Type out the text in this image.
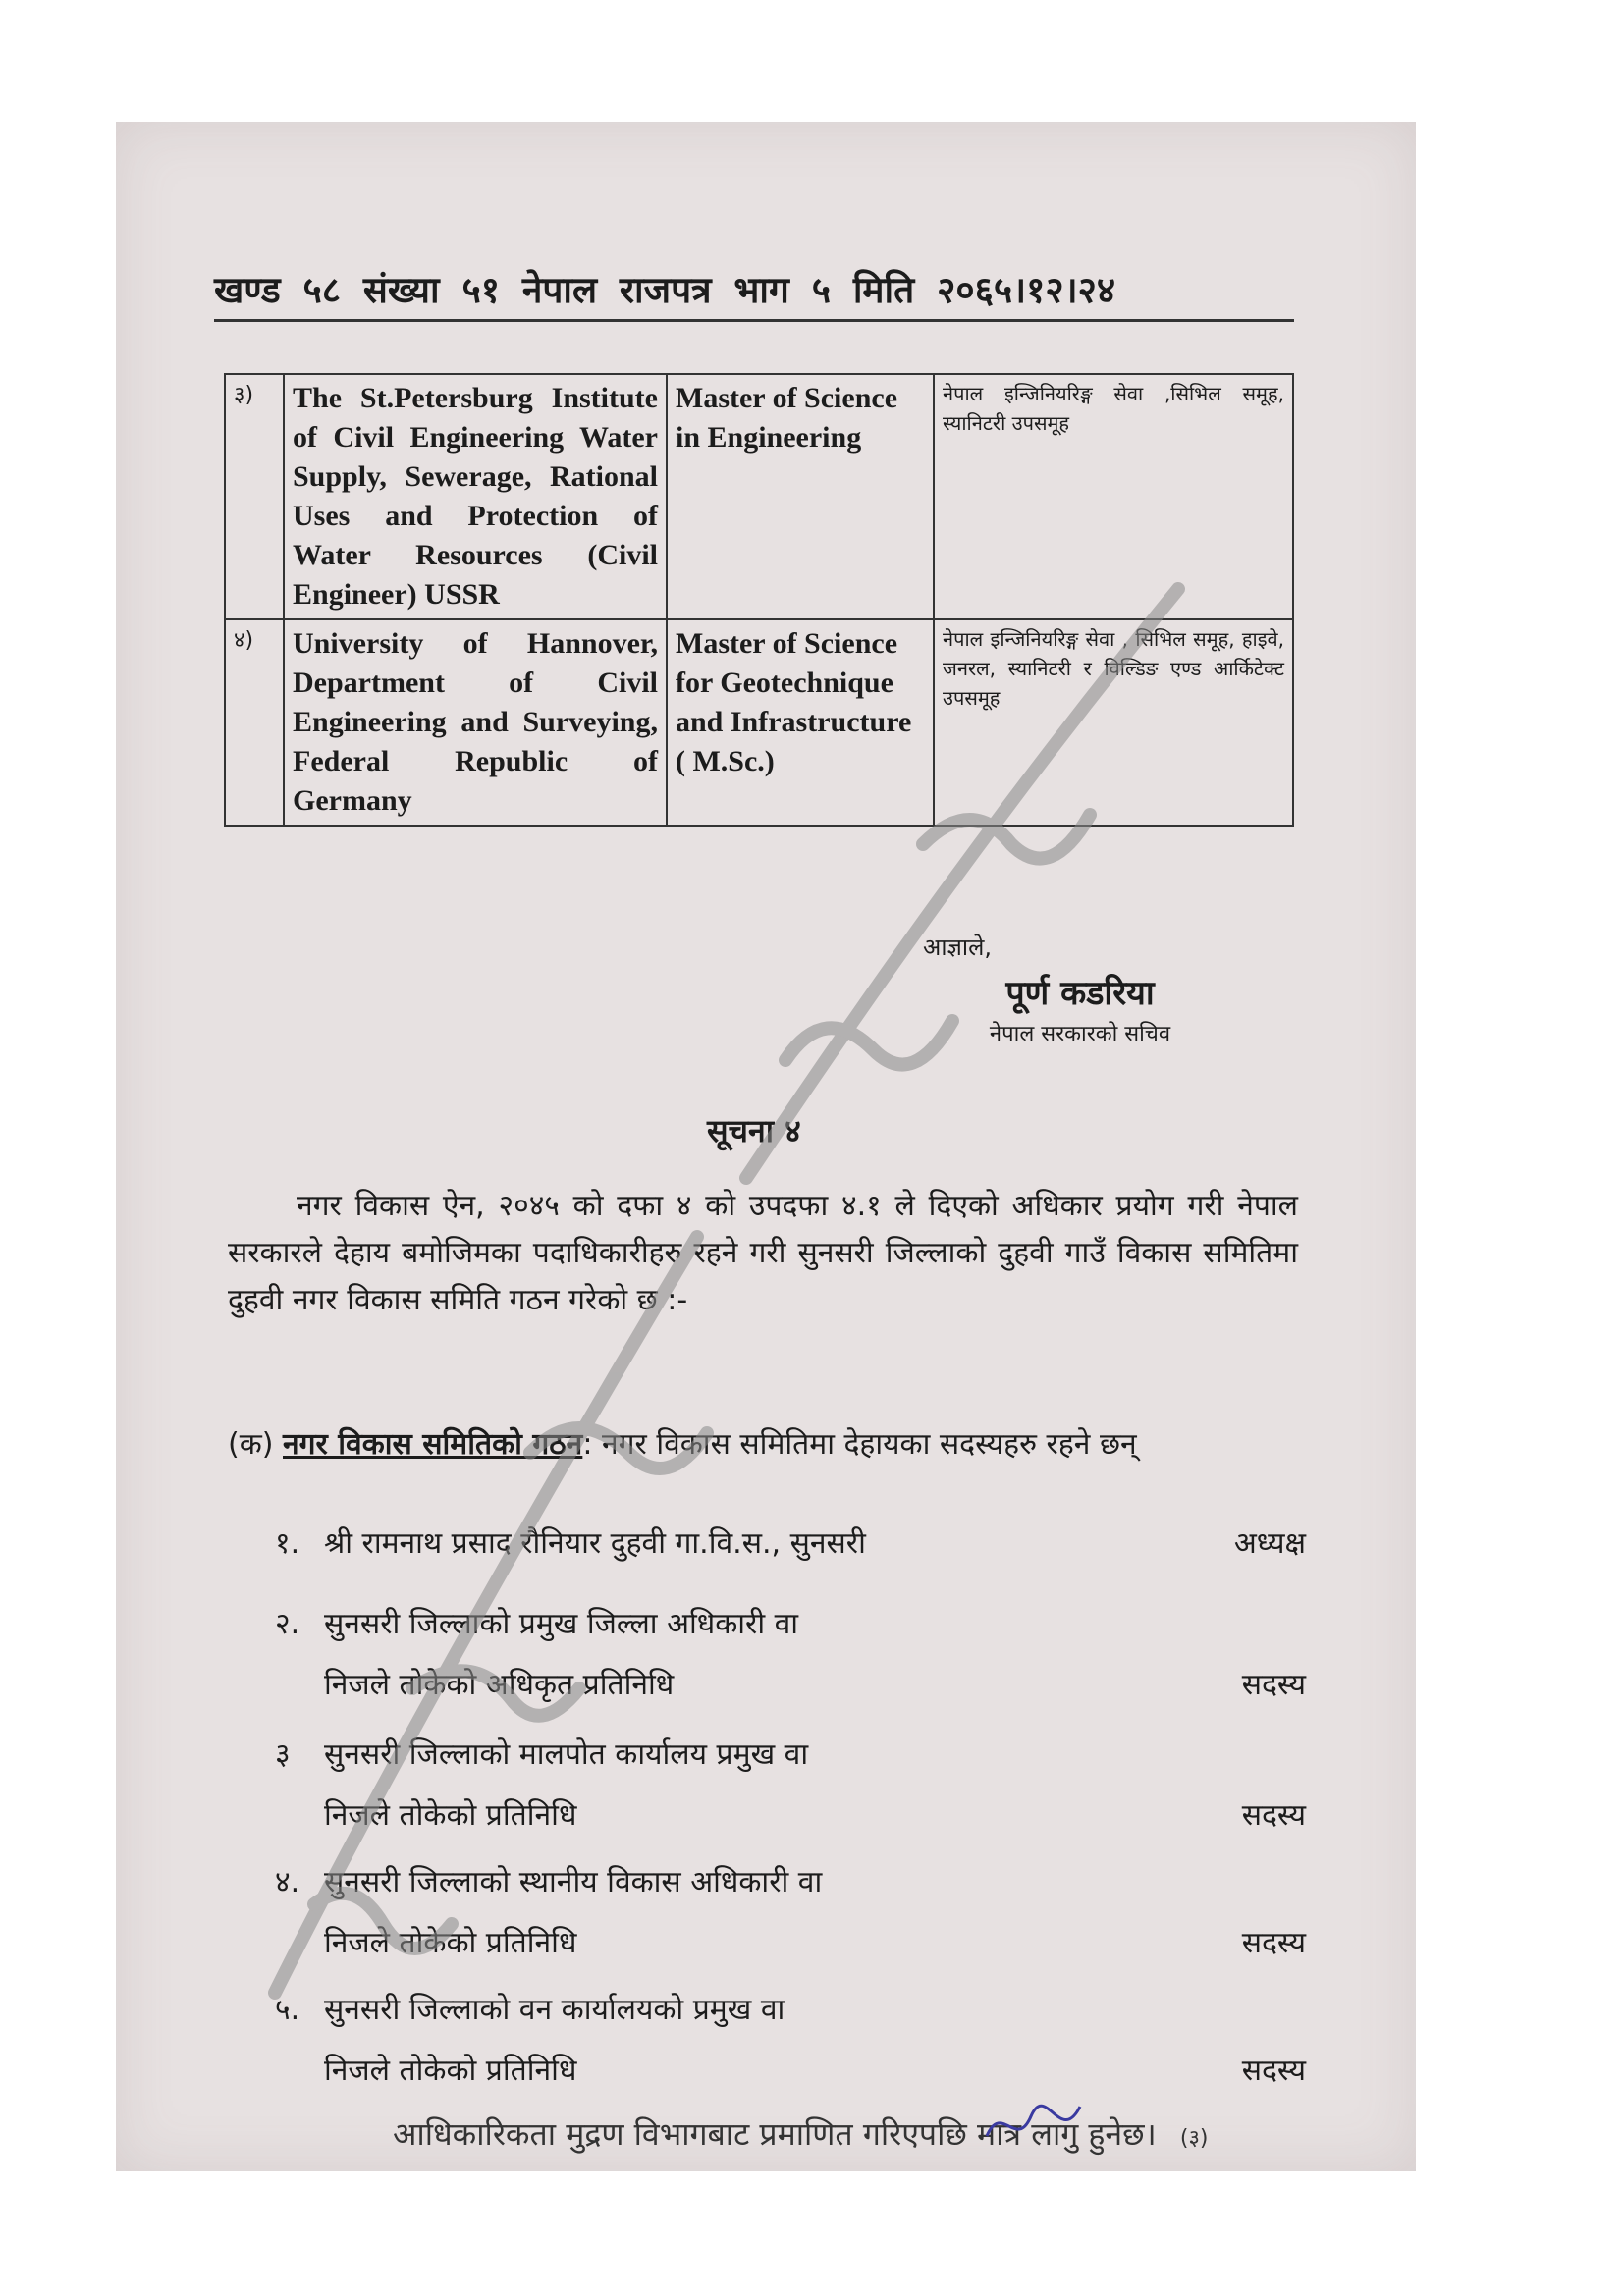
खण्ड ५८ संख्या ५१ नेपाल राजपत्र भाग ५ मिति २०६५।१२।२४
३)	The St.Petersburg Institute of Civil Engineering Water Supply, Sewerage, Rational Uses and Protection of Water Resources (Civil Engineer) USSR	Master of Science in Engineering	नेपाल इन्जिनियरिङ्ग सेवा ,सिभिल समूह, स्यानिटरी उपसमूह
४)	University of Hannover, Department of Civil Engineering and Surveying, Federal Republic of Germany	Master of Science for Geotechnique and Infrastructure ( M.Sc.)	नेपाल इन्जिनियरिङ्ग सेवा , सिभिल समूह, हाइवे, जनरल, स्यानिटरी र विल्डिङ एण्ड आर्किटेक्ट उपसमूह
आज्ञाले,
पूर्ण कडरिया
नेपाल सरकारको सचिव
सूचना ४
नगर विकास ऐन, २०४५ को दफा ४ को उपदफा ४.१ ले दिएको अधिकार प्रयोग गरी नेपाल सरकारले देहाय बमोजिमका पदाधिकारीहरु रहने गरी सुनसरी जिल्लाको दुहवी गाउँ विकास समितिमा दुहवी नगर विकास समिति गठन गरेको छ :-
(क) नगर विकास समितिको गठन: नगर विकास समितिमा देहायका सदस्यहरु रहने छन्
१. श्री रामनाथ प्रसाद रौनियार दुहवी गा.वि.स., सुनसरी	अध्यक्ष
२. सुनसरी जिल्लाको प्रमुख जिल्ला अधिकारी वा
निजले तोकेको अधिकृत प्रतिनिधि	सदस्य
३ सुनसरी जिल्लाको मालपोत कार्यालय प्रमुख वा
निजले तोकेको प्रतिनिधि	सदस्य
४. सुनसरी जिल्लाको स्थानीय विकास अधिकारी वा
निजले तोकेको प्रतिनिधि	सदस्य
५. सुनसरी जिल्लाको वन कार्यालयको प्रमुख वा
निजले तोकेको प्रतिनिधि	सदस्य
आधिकारिकता मुद्रण विभागबाट प्रमाणित गरिएपछि मात्र लागु हुनेछ। (३)
